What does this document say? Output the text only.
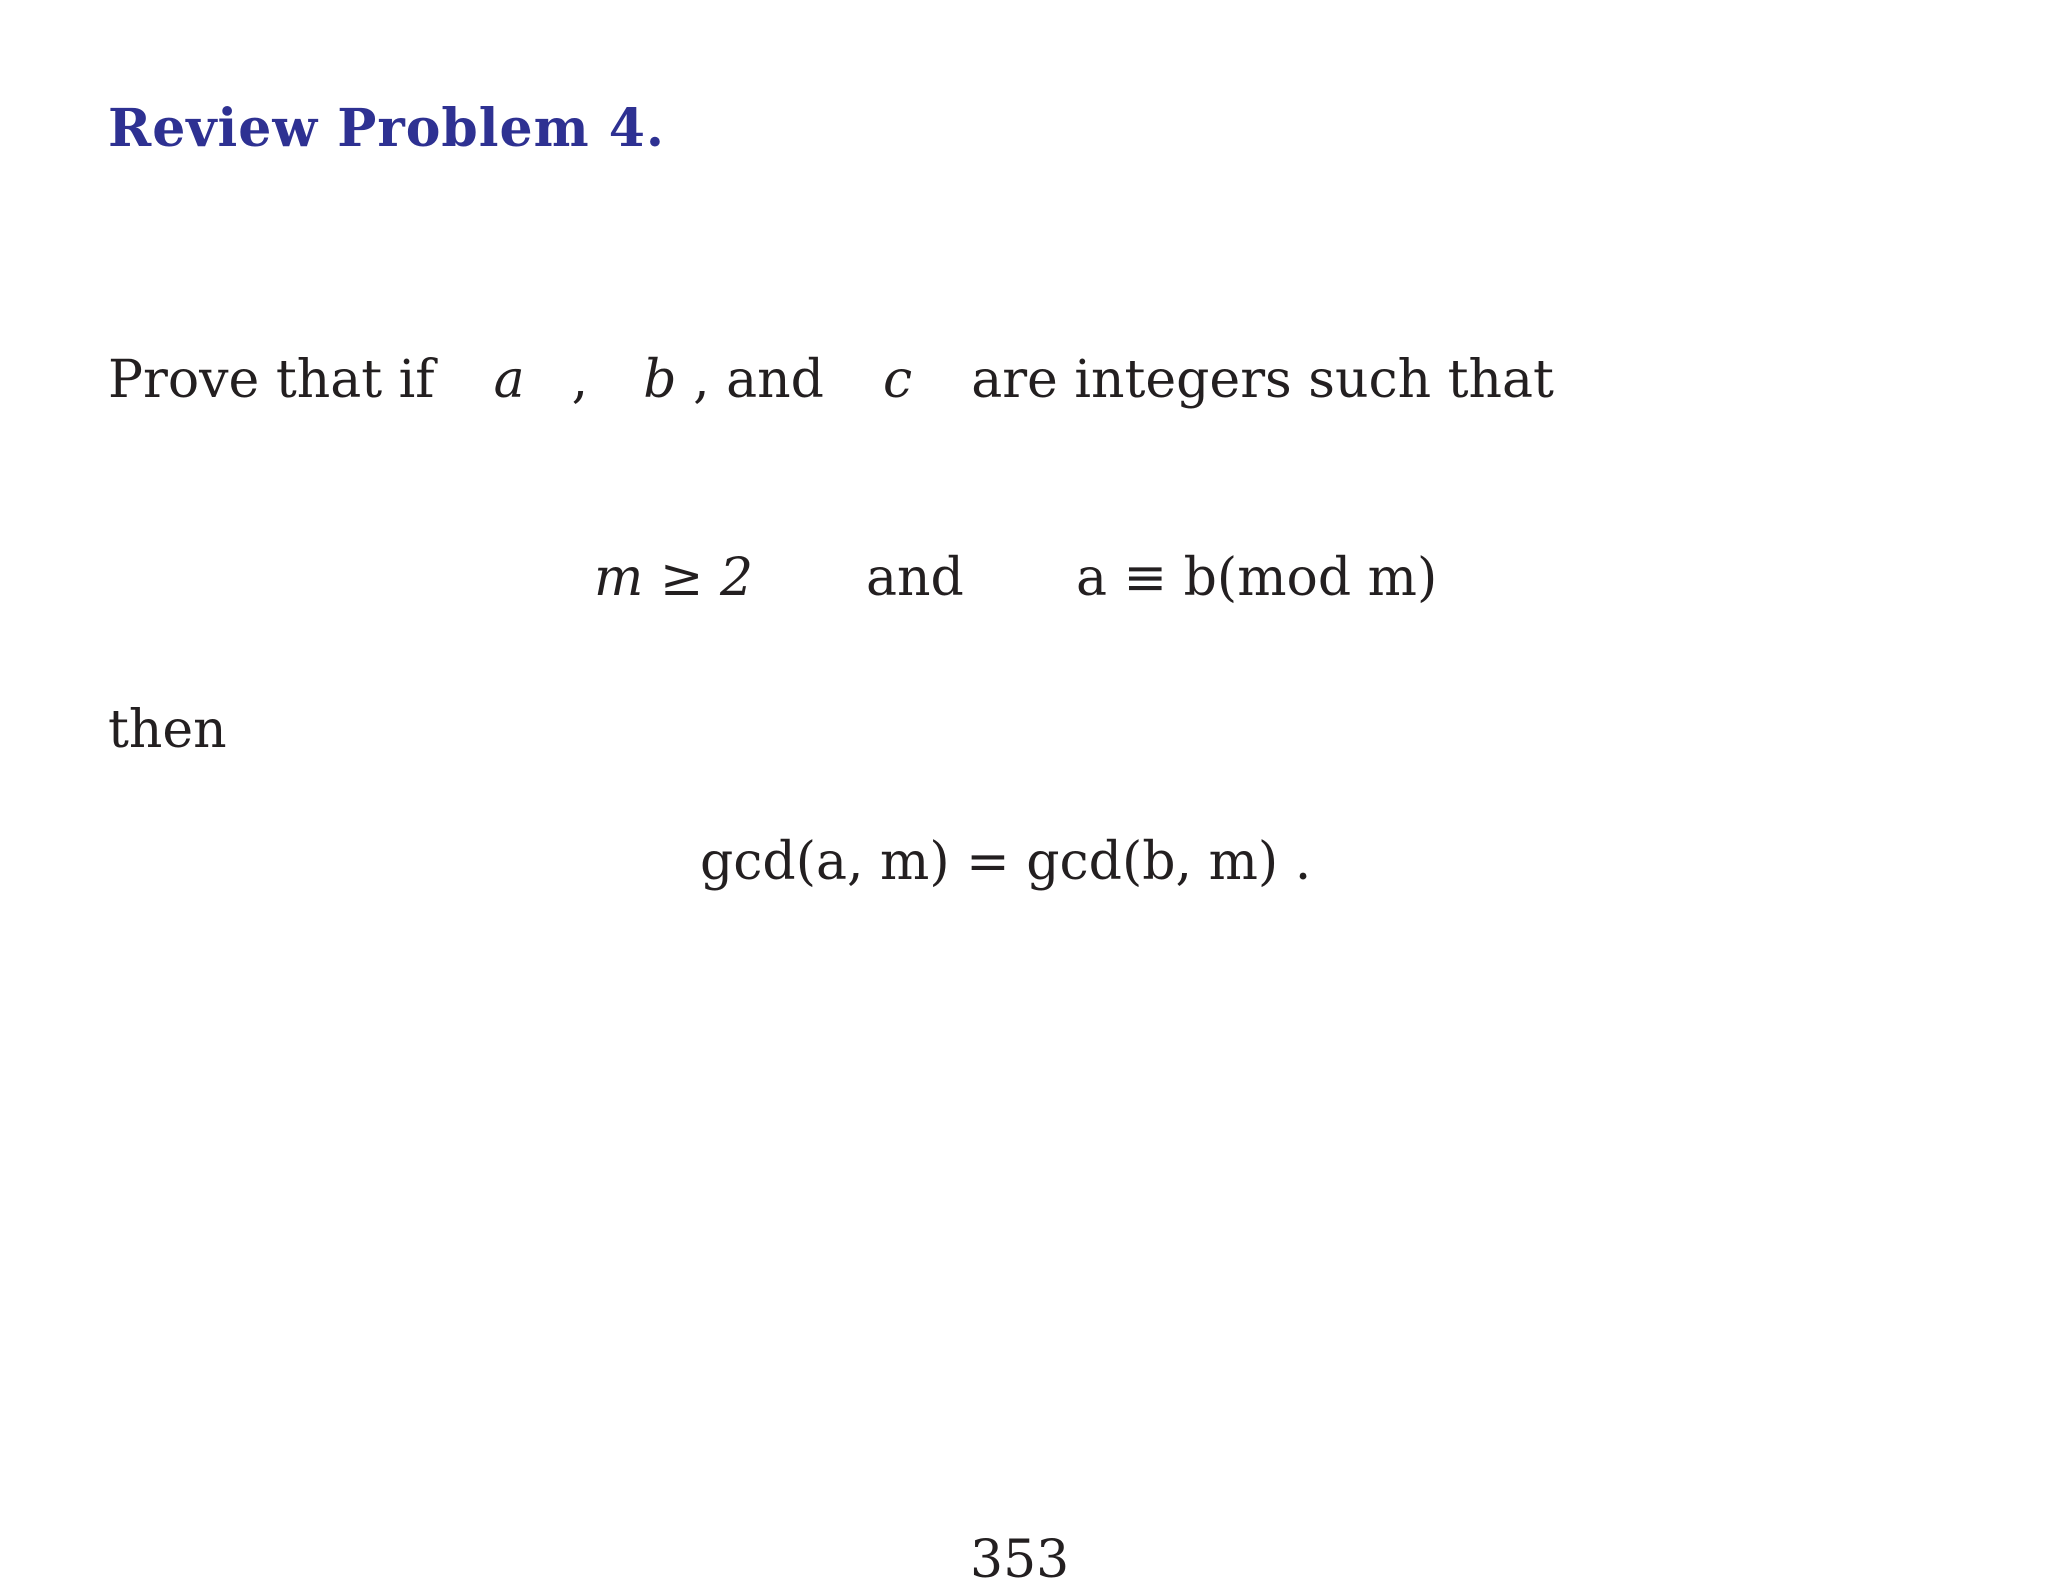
Review Problem 4.
Prove that if a , b , and c are integers such that
m ≥ 2 and a ≡ b(mod m)
then
gcd(a, m) = gcd(b, m) .
353
